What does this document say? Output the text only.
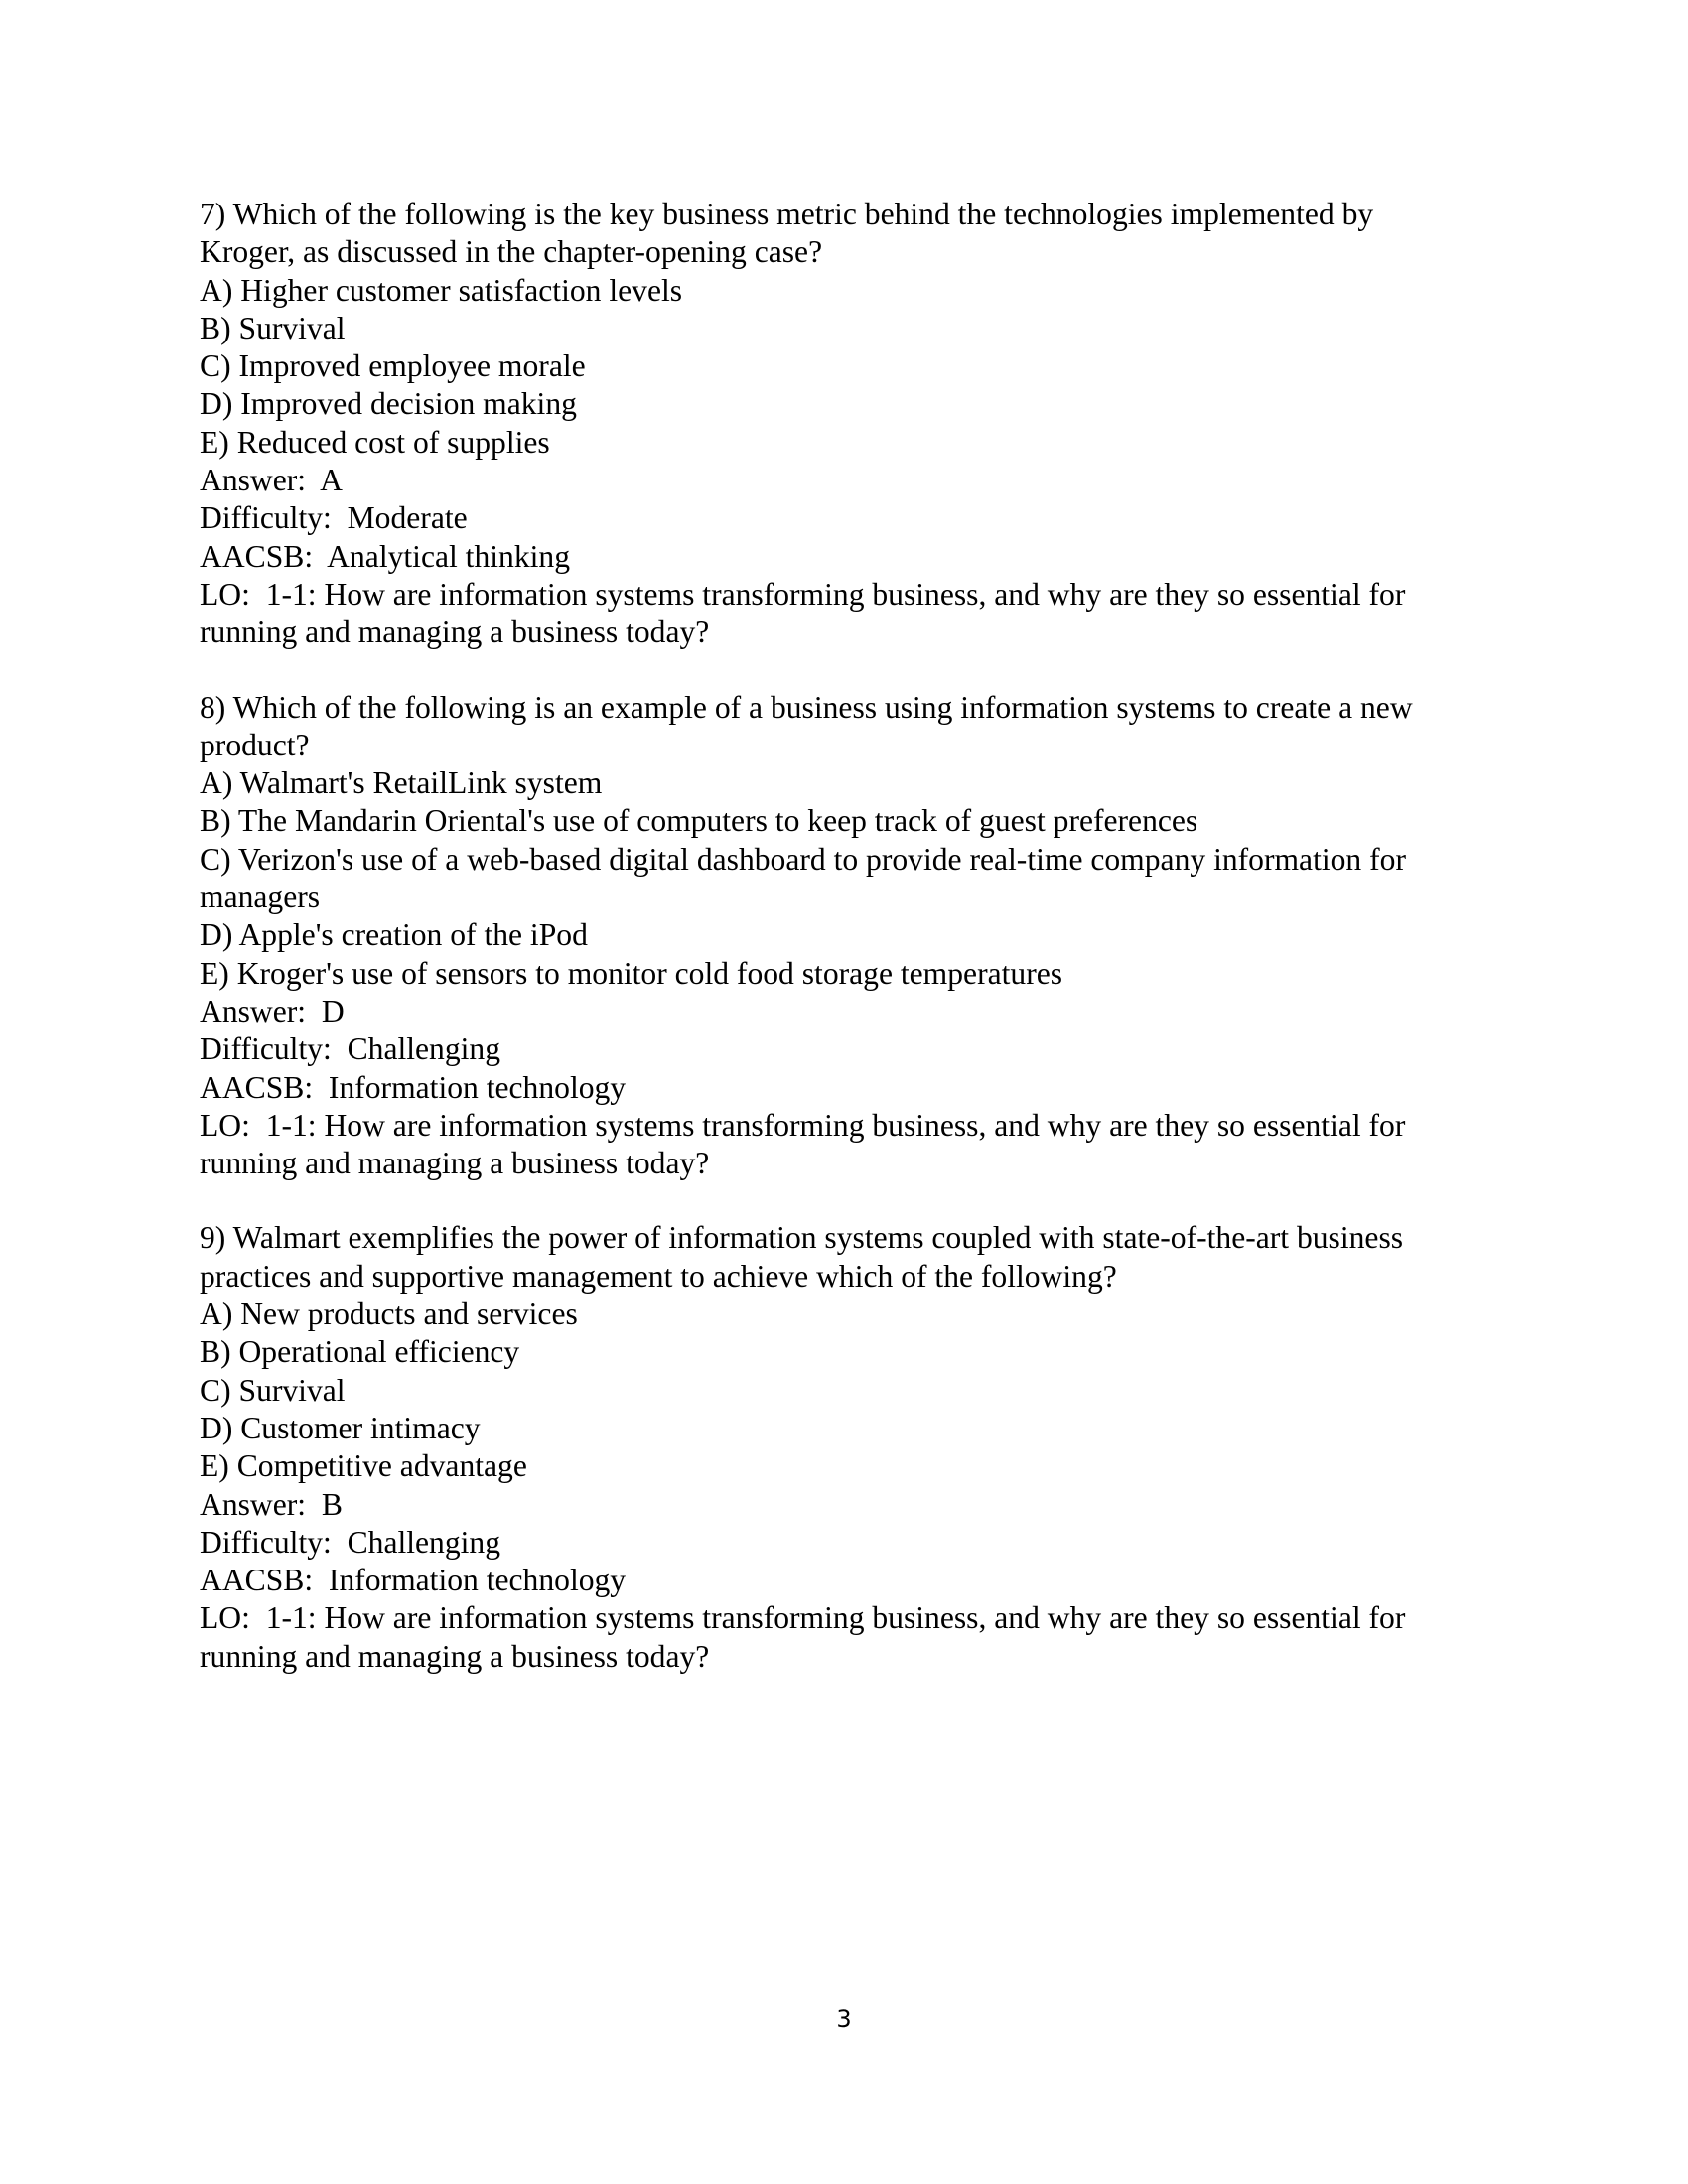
7) Which of the following is the key business metric behind the technologies implemented by Kroger, as discussed in the chapter-opening case?
A) Higher customer satisfaction levels
B) Survival
C) Improved employee morale
D) Improved decision making
E) Reduced cost of supplies
Answer:  A
Difficulty:  Moderate
AACSB:  Analytical thinking
LO:  1-1: How are information systems transforming business, and why are they so essential for running and managing a business today?
8) Which of the following is an example of a business using information systems to create a new product?
A) Walmart's RetailLink system
B) The Mandarin Oriental's use of computers to keep track of guest preferences
C) Verizon's use of a web-based digital dashboard to provide real-time company information for managers
D) Apple's creation of the iPod
E) Kroger's use of sensors to monitor cold food storage temperatures
Answer:  D
Difficulty:  Challenging
AACSB:  Information technology
LO:  1-1: How are information systems transforming business, and why are they so essential for running and managing a business today?
9) Walmart exemplifies the power of information systems coupled with state-of-the-art business practices and supportive management to achieve which of the following?
A) New products and services
B) Operational efficiency
C) Survival
D) Customer intimacy
E) Competitive advantage
Answer:  B
Difficulty:  Challenging
AACSB:  Information technology
LO:  1-1: How are information systems transforming business, and why are they so essential for running and managing a business today?
3
